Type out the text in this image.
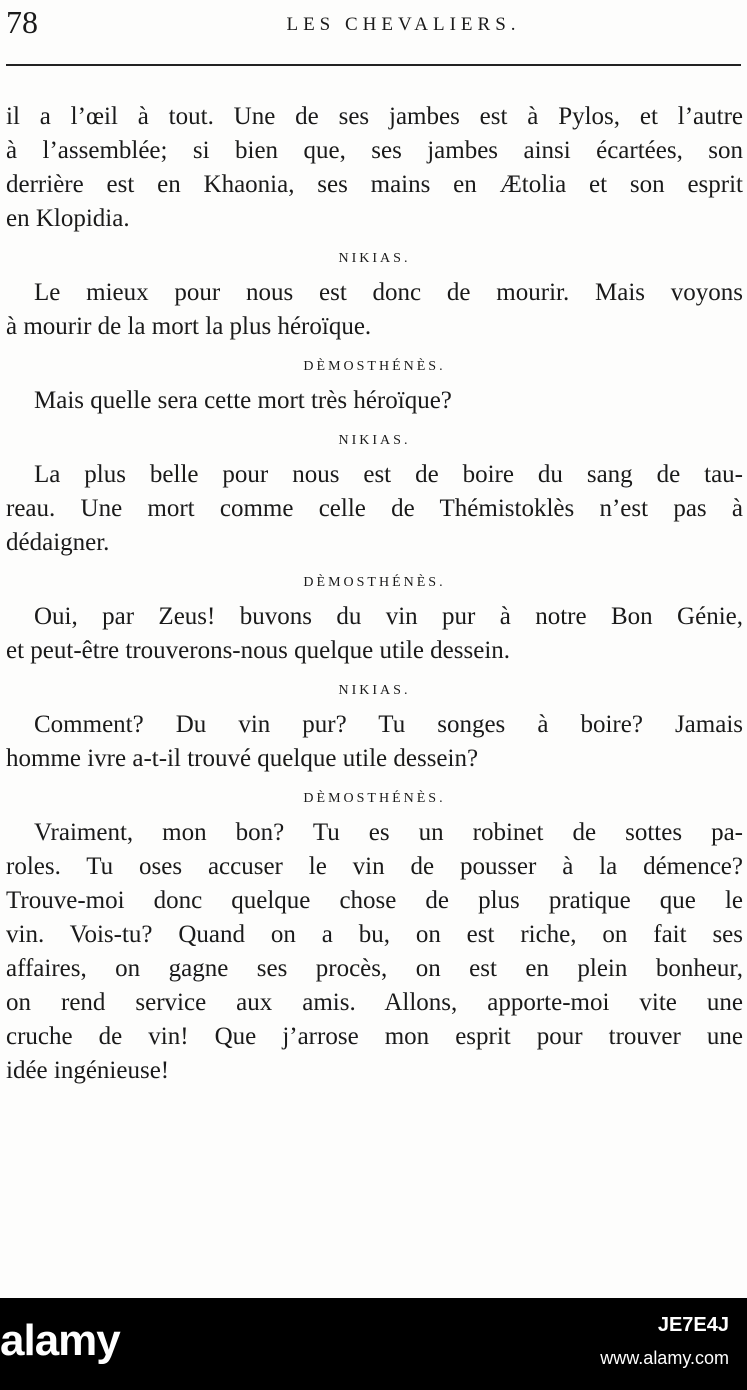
78	LES CHEVALIERS.
il a l’œil à tout. Une de ses jambes est à Pylos, et l’autre
à l’assemblée; si bien que, ses jambes ainsi écartées, son
derrière est en Khaonia, ses mains en Ætolia et son esprit
en Klopidia.
NIKIAS.
Le mieux pour nous est donc de mourir. Mais voyons
à mourir de la mort la plus héroïque.
DÈMOSTHÉNÈS.
Mais quelle sera cette mort très héroïque?
NIKIAS.
La plus belle pour nous est de boire du sang de tau-
reau. Une mort comme celle de Thémistoklès n’est pas à
dédaigner.
DÈMOSTHÉNÈS.
Oui, par Zeus! buvons du vin pur à notre Bon Génie,
et peut-être trouverons-nous quelque utile dessein.
NIKIAS.
Comment? Du vin pur? Tu songes à boire? Jamais
homme ivre a-t-il trouvé quelque utile dessein?
DÈMOSTHÉNÈS.
Vraiment, mon bon? Tu es un robinet de sottes pa-
roles. Tu oses accuser le vin de pousser à la démence?
Trouve-moi donc quelque chose de plus pratique que le
vin. Vois-tu? Quand on a bu, on est riche, on fait ses
affaires, on gagne ses procès, on est en plein bonheur,
on rend service aux amis. Allons, apporte-moi vite une
cruche de vin! Que j’arrose mon esprit pour trouver une
idée ingénieuse!
alamy	JE7E4J
www.alamy.com
